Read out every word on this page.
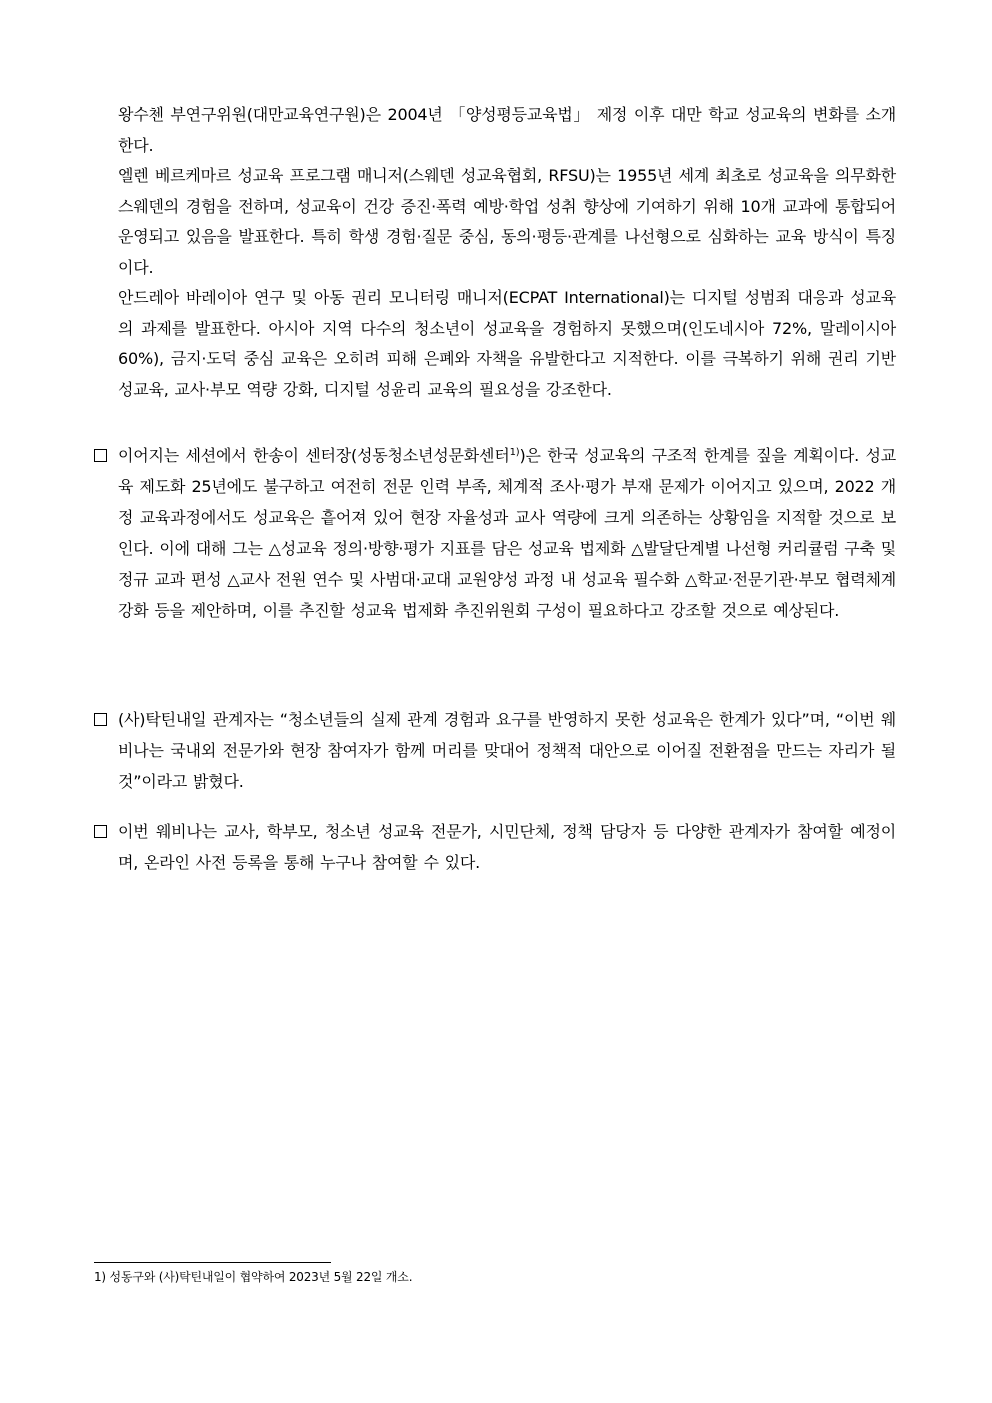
왕수첸 부연구위원(대만교육연구원)은 2004년 「양성평등교육법」 제정 이후 대만 학교 성교육의 변화를 소개한다.

엘렌 베르케마르 성교육 프로그램 매니저(스웨덴 성교육협회, RFSU)는 1955년 세계 최초로 성교육을 의무화한 스웨덴의 경험을 전하며, 성교육이 건강 증진·폭력 예방·학업 성취 향상에 기여하기 위해 10개 교과에 통합되어 운영되고 있음을 발표한다. 특히 학생 경험·질문 중심, 동의·평등·관계를 나선형으로 심화하는 교육 방식이 특징이다.

안드레아 바레이아 연구 및 아동 권리 모니터링 매니저(ECPAT International)는 디지털 성범죄 대응과 성교육의 과제를 발표한다. 아시아 지역 다수의 청소년이 성교육을 경험하지 못했으며(인도네시아 72%, 말레이시아 60%), 금지·도덕 중심 교육은 오히려 피해 은폐와 자책을 유발한다고 지적한다. 이를 극복하기 위해 권리 기반 성교육, 교사·부모 역량 강화, 디지털 성윤리 교육의 필요성을 강조한다.

이어지는 세션에서 한송이 센터장(성동청소년성문화센터$^{1)}$)은 한국 성교육의 구조적 한계를 짚을 계획이다. 성교육 제도화 25년에도 불구하고 여전히 전문 인력 부족, 체계적 조사·평가 부재 문제가 이어지고 있으며, 2022 개정 교육과정에서도 성교육은 흩어져 있어 현장 자율성과 교사 역량에 크게 의존하는 상황임을 지적할 것으로 보인다. 이에 대해 그는 △성교육 정의·방향·평가 지표를 담은 성교육 법제화 △발달단계별 나선형 커리큘럼 구축 및 정규 교과 편성 △교사 전원 연수 및 사범대·교대 교원양성 과정 내 성교육 필수화 △학교·전문기관·부모 협력체계 강화 등을 제안하며, 이를 추진할 성교육 법제화 추진위원회 구성이 필요하다고 강조할 것으로 예상된다.
(사)탁틴내일 관계자는 “청소년들의 실제 관계 경험과 요구를 반영하지 못한 성교육은 한계가 있다”며, “이번 웨비나는 국내외 전문가와 현장 참여자가 함께 머리를 맞대어 정책적 대안으로 이어질 전환점을 만드는 자리가 될 것”이라고 밝혔다.
이번 웨비나는 교사, 학부모, 청소년 성교육 전문가, 시민단체, 정책 담당자 등 다양한 관계자가 참여할 예정이며, 온라인 사전 등록을 통해 누구나 참여할 수 있다.
1) 성동구와 (사)탁틴내일이 협약하여 2023년 5월 22일 개소.
